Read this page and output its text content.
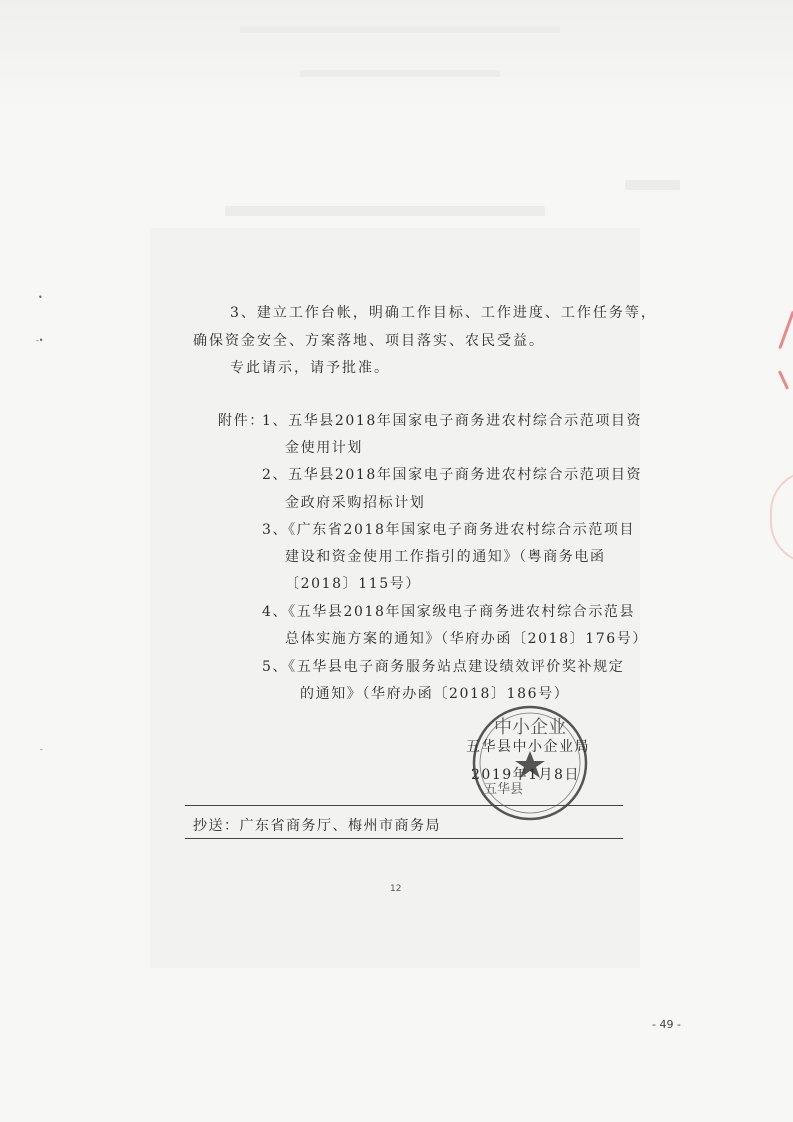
•
-•
-
3、建立工作台帐，明确工作目标、工作进度、工作任务等，
确保资金安全、方案落地、项目落实、农民受益。
专此请示，请予批准。
附件：
1、五华县2018年国家电子商务进农村综合示范项目资
金使用计划
2、五华县2018年国家电子商务进农村综合示范项目资
金政府采购招标计划
3、《广东省2018年国家电子商务进农村综合示范项目
建设和资金使用工作指引的通知》（粤商务电函
〔2018〕115号）
4、《五华县2018年国家级电子商务进农村综合示范县
总体实施方案的通知》（华府办函〔2018〕176号）
5、《五华县电子商务服务站点建设绩效评价奖补规定
的通知》（华府办函〔2018〕186号）
中小企业
五华县
五华县中小企业局
2019年1月8日
抄送：广东省商务厅、梅州市商务局
12
- 49 -
